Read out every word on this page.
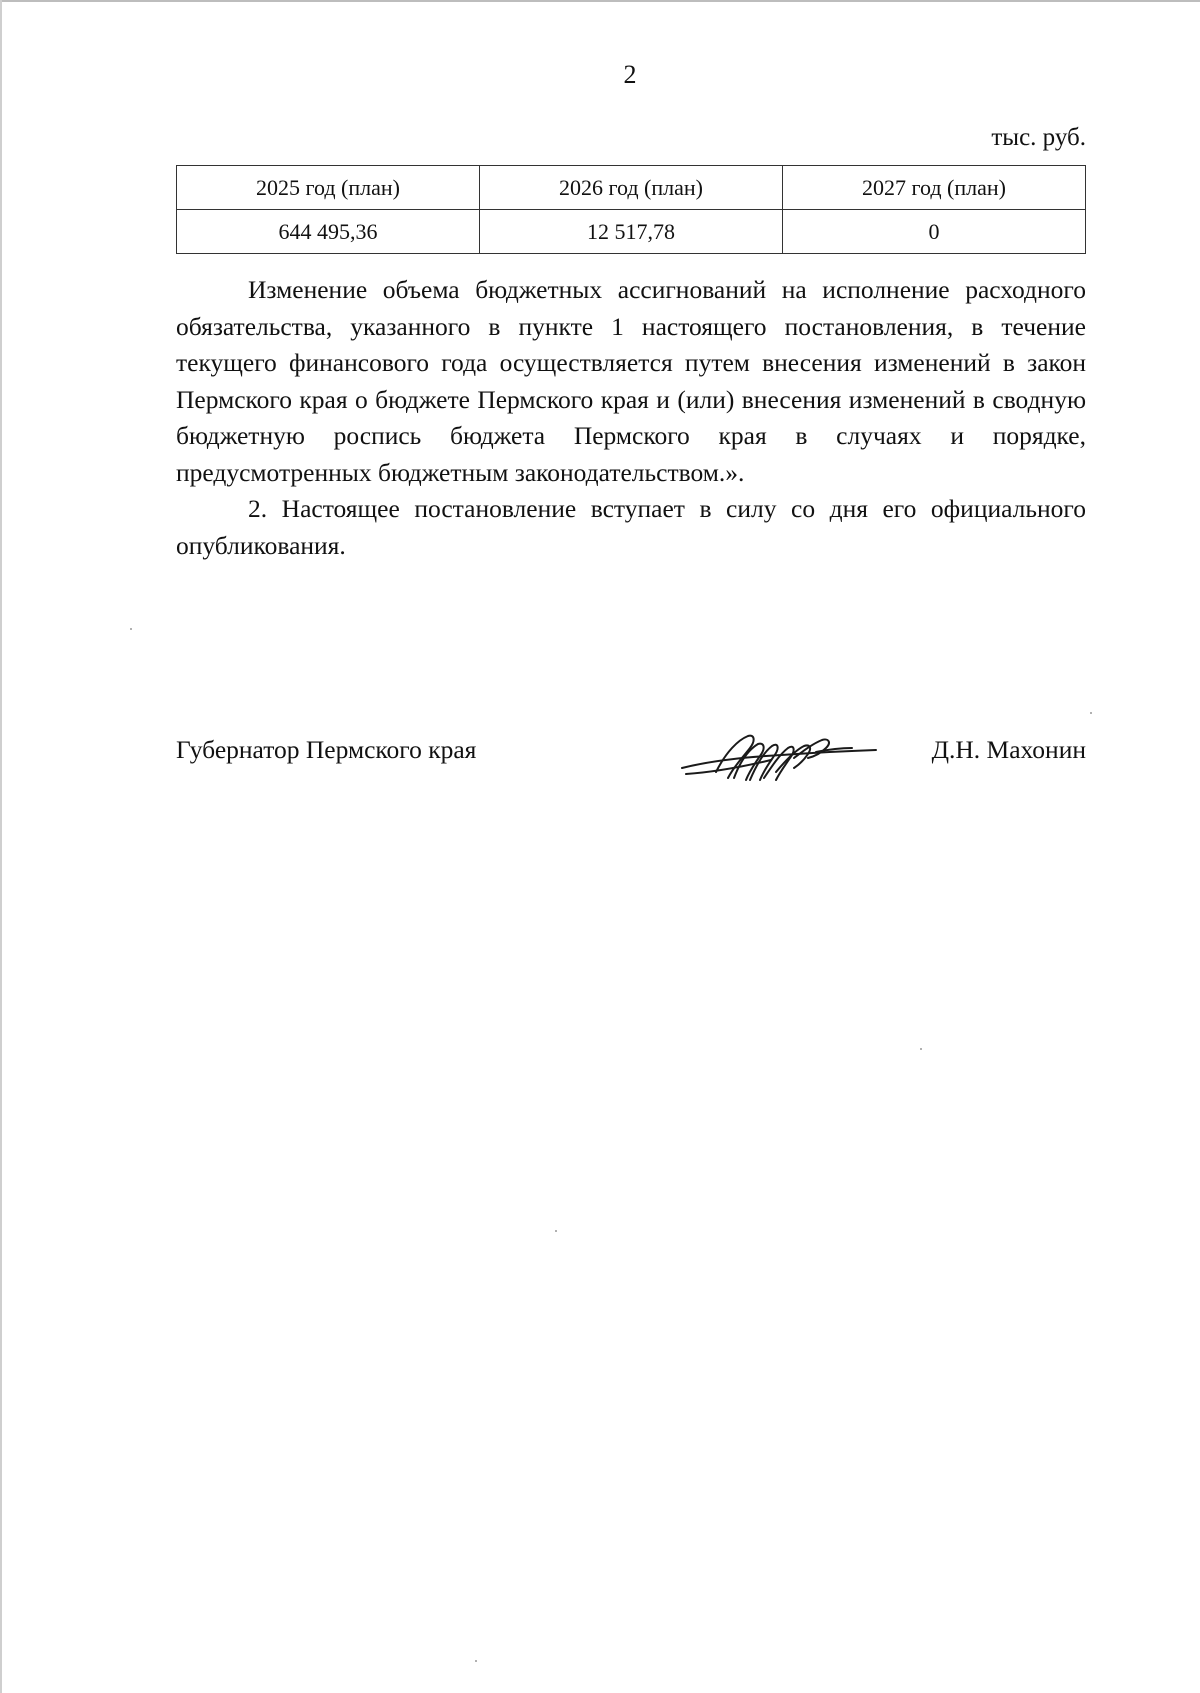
2
тыс. руб.
2025 год (план)	2026 год (план)	2027 год (план)
644 495,36	12 517,78	0

Изменение объема бюджетных ассигнований на исполнение расходного обязательства, указанного в пункте 1 настоящего постановления, в течение текущего финансового года осуществляется путем внесения изменений в закон Пермского края о бюджете Пермского края и (или) внесения изменений в сводную бюджетную роспись бюджета Пермского края в случаях и порядке, предусмотренных бюджетным законодательством.».

2. Настоящее постановление вступает в силу со дня его официального опубликования.

Губернатор Пермского края	Д.Н. Махонин
